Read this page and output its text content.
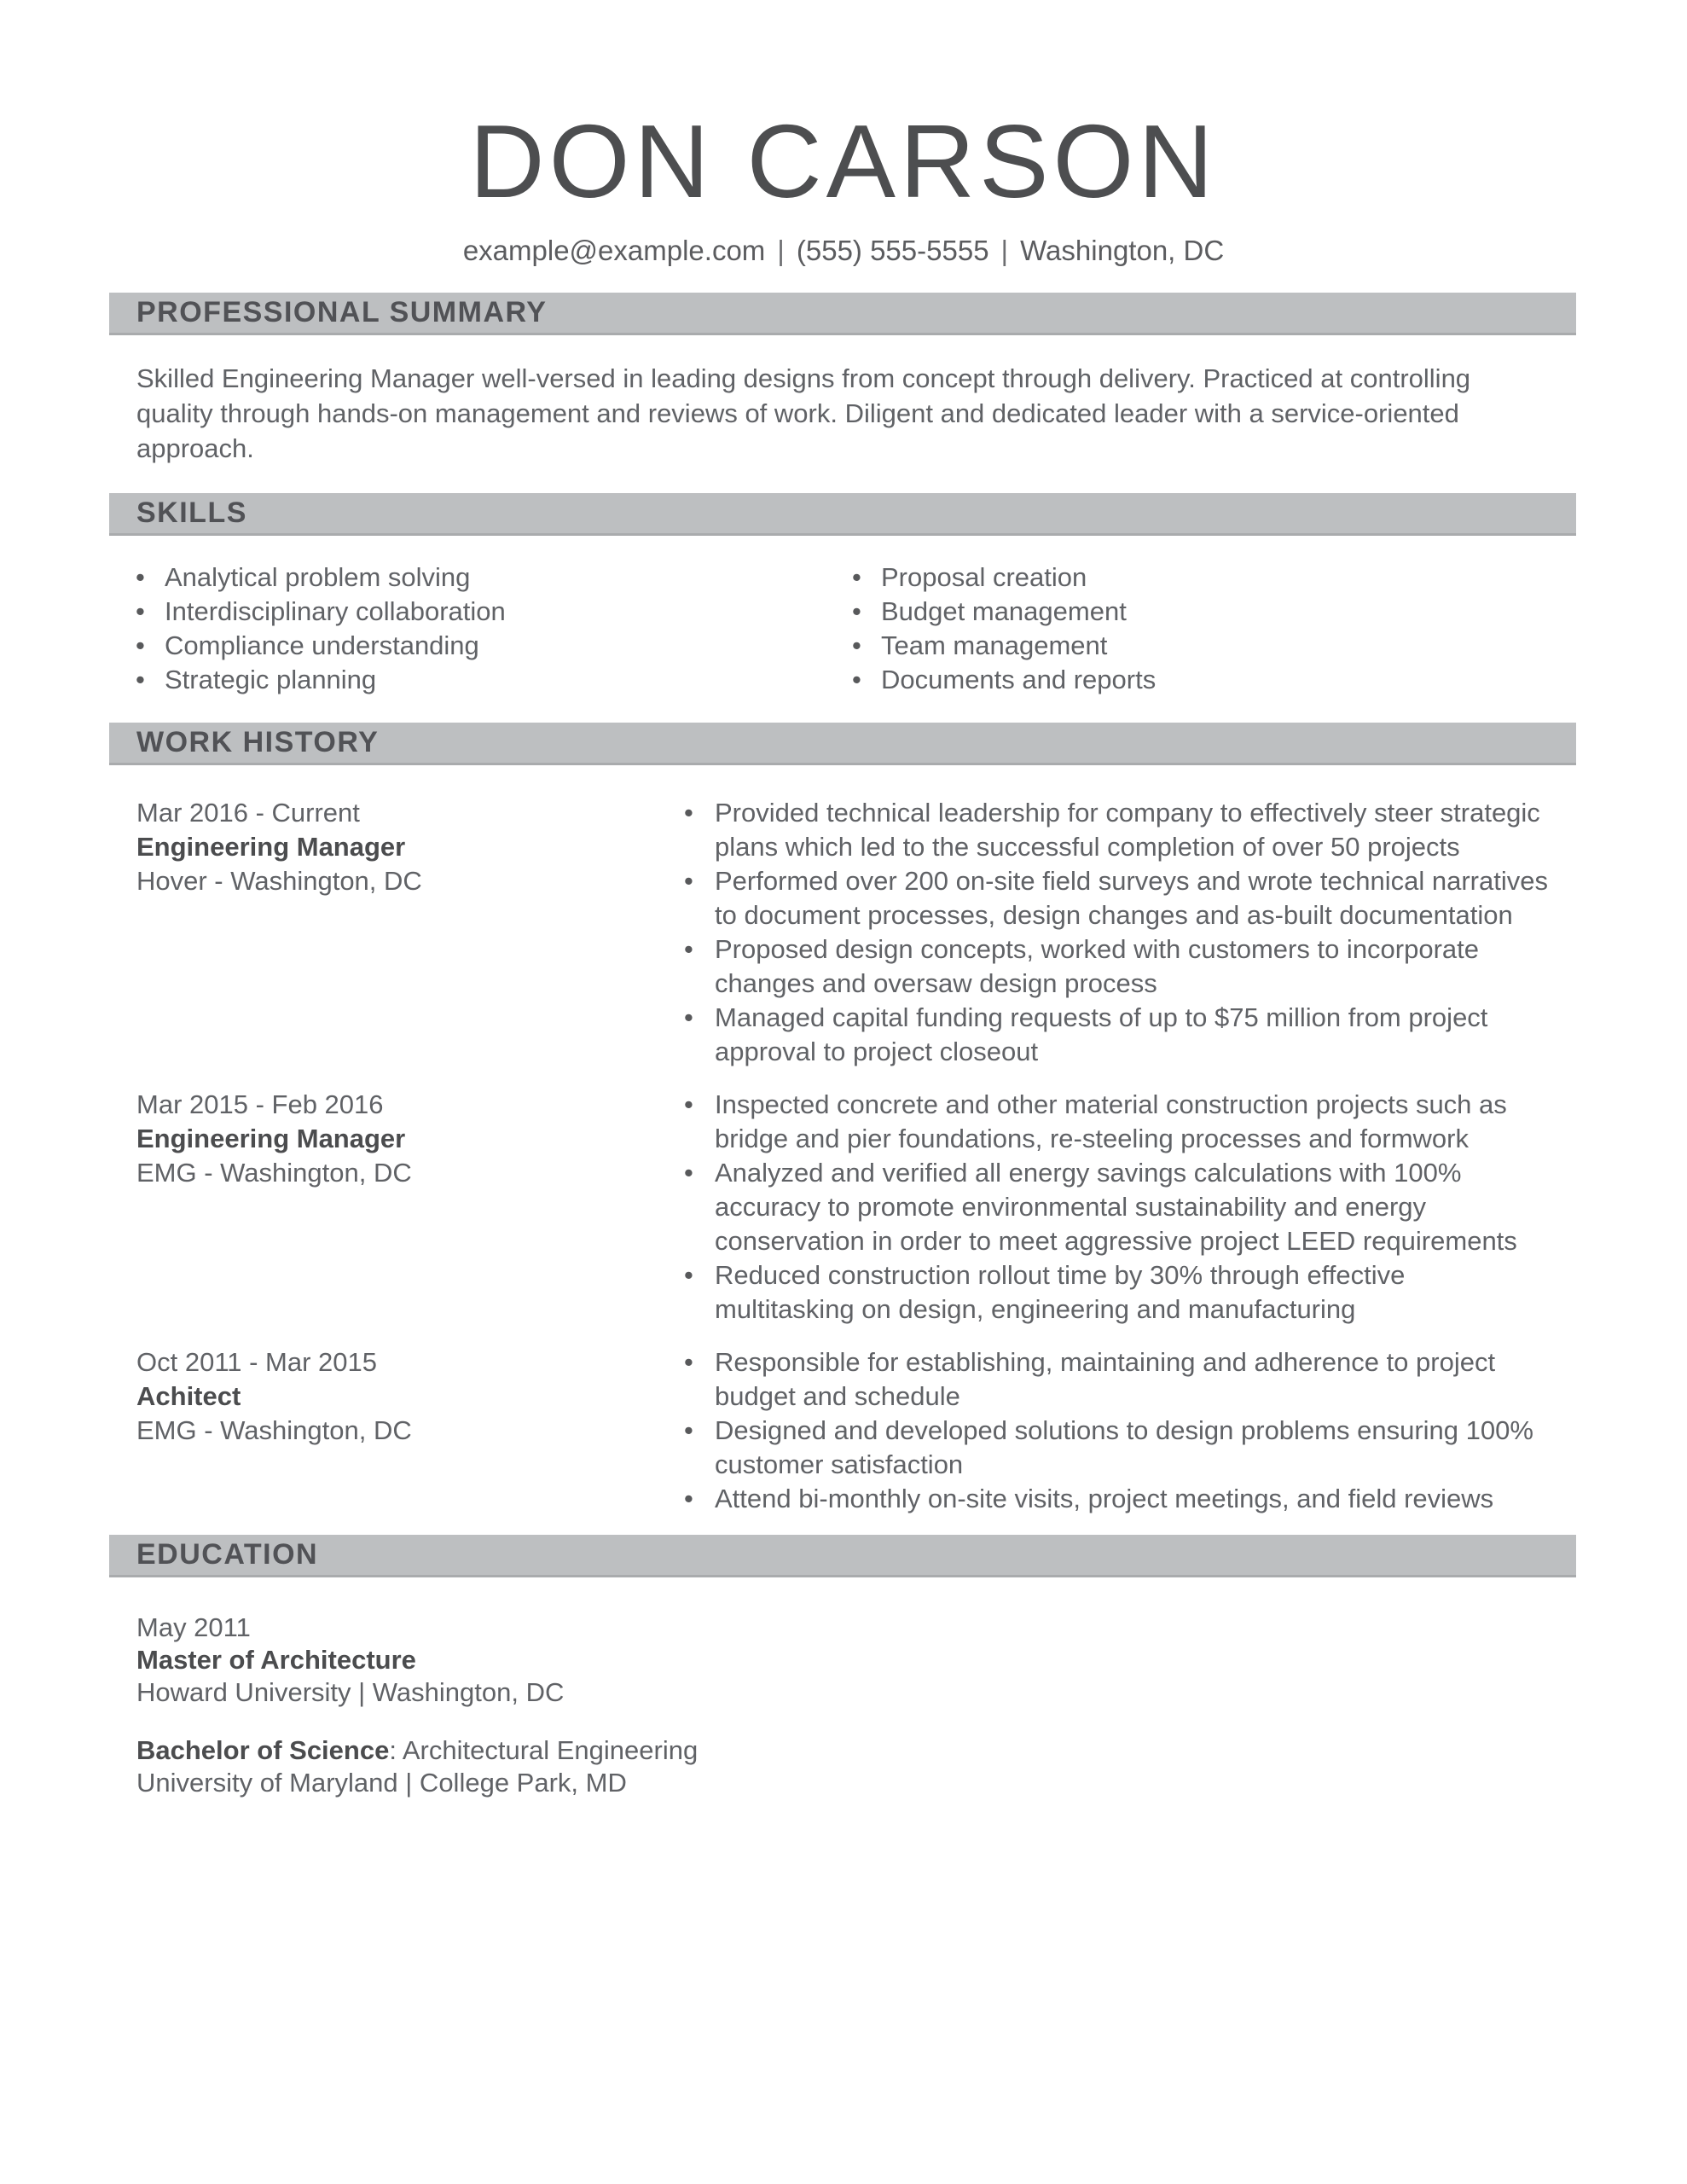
DON CARSON
example@example.com | (555) 555-5555 | Washington, DC
PROFESSIONAL SUMMARY

Skilled Engineering Manager well-versed in leading designs from concept through delivery. Practiced at controlling quality through hands-on management and reviews of work. Diligent and dedicated leader with a service-oriented approach.

SKILLS
• Analytical problem solving
• Interdisciplinary collaboration
• Compliance understanding
• Strategic planning
• Proposal creation
• Budget management
• Team management
• Documents and reports
WORK HISTORY
Mar 2016 - Current
Engineering Manager
Hover - Washington, DC
• Provided technical leadership for company to effectively steer strategic plans which led to the successful completion of over 50 projects
• Performed over 200 on-site field surveys and wrote technical narratives to document processes, design changes and as-built documentation
• Proposed design concepts, worked with customers to incorporate changes and oversaw design process
• Managed capital funding requests of up to $75 million from project approval to project closeout
Mar 2015 - Feb 2016
Engineering Manager
EMG - Washington, DC
• Inspected concrete and other material construction projects such as bridge and pier foundations, re-steeling processes and formwork
• Analyzed and verified all energy savings calculations with 100% accuracy to promote environmental sustainability and energy conservation in order to meet aggressive project LEED requirements
• Reduced construction rollout time by 30% through effective multitasking on design, engineering and manufacturing
Oct 2011 - Mar 2015
Achitect
EMG - Washington, DC
• Responsible for establishing, maintaining and adherence to project budget and schedule
• Designed and developed solutions to design problems ensuring 100% customer satisfaction
• Attend bi-monthly on-site visits, project meetings, and field reviews
EDUCATION
May 2011
Master of Architecture
Howard University | Washington, DC
Bachelor of Science: Architectural Engineering
University of Maryland | College Park, MD
